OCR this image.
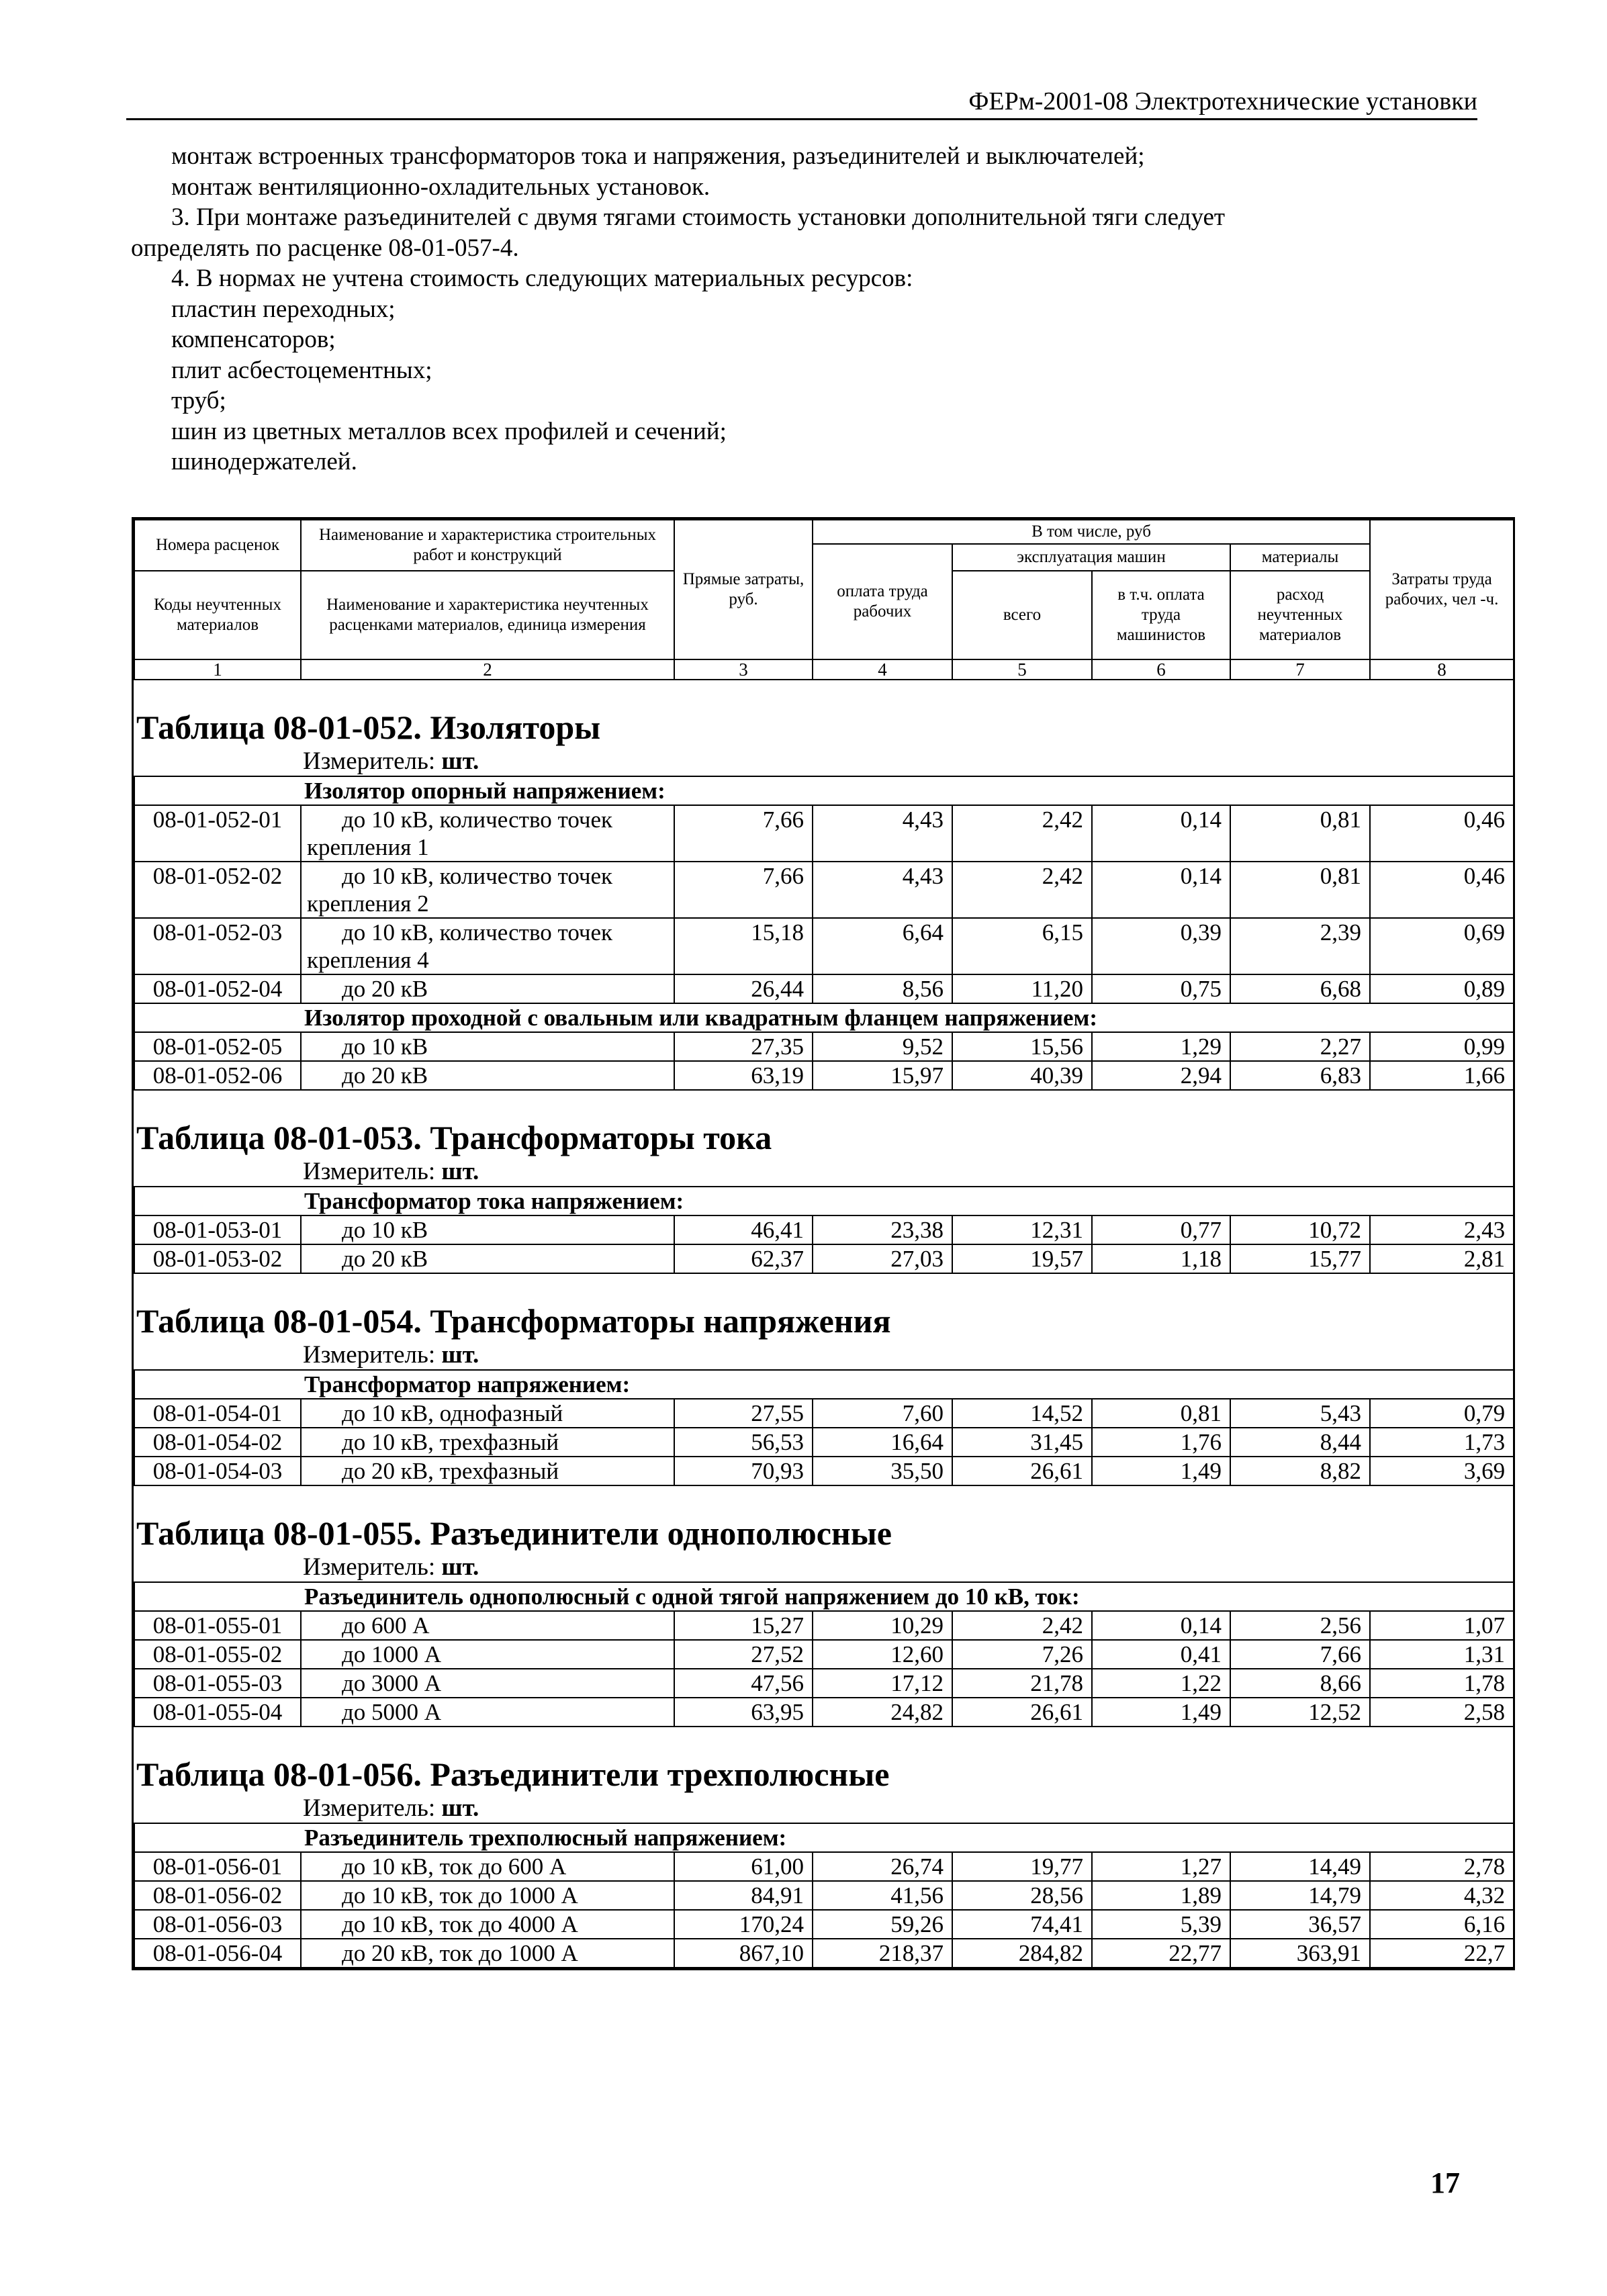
ФЕРм-2001-08 Электротехнические установки

монтаж встроенных трансформаторов тока и напряжения, разъединителей и выключателей;

монтаж вентиляционно-охладительных установок.

3. При монтаже разъединителей с двумя тягами стоимость установки дополнительной тяги следует

определять по расценке 08-01-057-4.

4. В нормах не учтена стоимость следующих материальных ресурсов:

пластин переходных;

компенсаторов;

плит асбестоцементных;

труб;

шин из цветных металлов всех профилей и сечений;

шинодержателей.

Номера расценок	Наименование и характеристика строительных работ и конструкций	Прямые затраты, руб.	В том числе, руб				Затраты труда рабочих, чел -ч.
			оплата труда рабочих	эксплуатация машин		материалы	
Коды неучтенных материалов	Наименование и характеристика неучтенных расценками материалов, единица измерения			всего	в т.ч. оплата труда машинистов	расход неучтенных материалов	

1	2	3	4	5	6	7	8
Таблица 08-01-052. Изоляторы
Измеритель: шт.
Изолятор опорный напряжением:							
08-01-052-01	до 10 кВ, количество точек
крепления 1	7,66	4,43	2,42	0,14	0,81	0,46
08-01-052-02	до 10 кВ, количество точек
крепления 2	7,66	4,43	2,42	0,14	0,81	0,46
08-01-052-03	до 10 кВ, количество точек
крепления 4	15,18	6,64	6,15	0,39	2,39	0,69
08-01-052-04	до 20 кВ	26,44	8,56	11,20	0,75	6,68	0,89
Изолятор проходной с овальным или квадратным фланцем напряжением:							
08-01-052-05	до 10 кВ	27,35	9,52	15,56	1,29	2,27	0,99
08-01-052-06	до 20 кВ	63,19	15,97	40,39	2,94	6,83	1,66
Таблица 08-01-053. Трансформаторы тока
Измеритель: шт.
Трансформатор тока напряжением:							
08-01-053-01	до 10 кВ	46,41	23,38	12,31	0,77	10,72	2,43
08-01-053-02	до 20 кВ	62,37	27,03	19,57	1,18	15,77	2,81
Таблица 08-01-054. Трансформаторы напряжения
Измеритель: шт.
Трансформатор напряжением:							
08-01-054-01	до 10 кВ, однофазный	27,55	7,60	14,52	0,81	5,43	0,79
08-01-054-02	до 10 кВ, трехфазный	56,53	16,64	31,45	1,76	8,44	1,73
08-01-054-03	до 20 кВ, трехфазный	70,93	35,50	26,61	1,49	8,82	3,69
Таблица 08-01-055. Разъединители однополюсные
Измеритель: шт.
Разъединитель однополюсный с одной тягой напряжением до 10 кВ, ток:							
08-01-055-01	до 600 А	15,27	10,29	2,42	0,14	2,56	1,07
08-01-055-02	до 1000 А	27,52	12,60	7,26	0,41	7,66	1,31
08-01-055-03	до 3000 А	47,56	17,12	21,78	1,22	8,66	1,78
08-01-055-04	до 5000 А	63,95	24,82	26,61	1,49	12,52	2,58
Таблица 08-01-056. Разъединители трехполюсные
Измеритель: шт.
Разъединитель трехполюсный напряжением:							
08-01-056-01	до 10 кВ, ток до 600 А	61,00	26,74	19,77	1,27	14,49	2,78
08-01-056-02	до 10 кВ, ток до 1000 А	84,91	41,56	28,56	1,89	14,79	4,32
08-01-056-03	до 10 кВ, ток до 4000 А	170,24	59,26	74,41	5,39	36,57	6,16
08-01-056-04	до 20 кВ, ток до 1000 А	867,10	218,37	284,82	22,77	363,91	22,7
17
